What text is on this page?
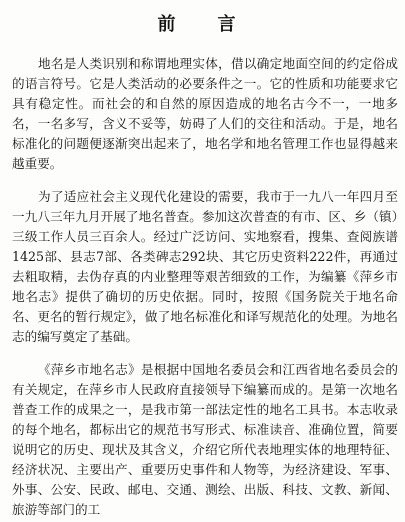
前　言

地名是人类识别和称谓地理实体，借以确定地面空间的约定俗成的语言符号。它是人类活动的必要条件之一。它的性质和功能要求它具有稳定性。而社会的和自然的原因造成的地名古今不一，一地多名，一名多写，含义不妥等，妨碍了人们的交往和活动。于是，地名标准化的问题便逐渐突出起来了，地名学和地名管理工作也显得越来越重要。

为了适应社会主义现代化建设的需要，我市于一九八一年四月至一九八三年九月开展了地名普查。参加这次普查的有市、区、乡（镇）三级工作人员三百余人。经过广泛访问、实地察看，搜集、查阅族谱1425部、县志7部、各类碑志292块、其它历史资料222件，再通过去粗取精，去伪存真的内业整理等艰苦细致的工作，为编纂《萍乡市地名志》提供了确切的历史依据。同时，按照《国务院关于地名命名、更名的暂行规定》，做了地名标准化和译写规范化的处理。为地名志的编写奠定了基础。

《萍乡市地名志》是根据中国地名委员会和江西省地名委员会的有关规定，在萍乡市人民政府直接领导下编纂而成的。是第一次地名普查工作的成果之一，是我市第一部法定性的地名工具书。本志收录的每个地名，都标出它的规范书写形式、标准读音、准确位置，简要说明它的历史、现状及其含义，介绍它所代表地理实体的地理特征、经济状况、主要出产、重要历史事件和人物等，为经济建设、军事、外事、公安、民政、邮电、交通、测绘、出版、科技、文教、新闻、旅游等部门的工
